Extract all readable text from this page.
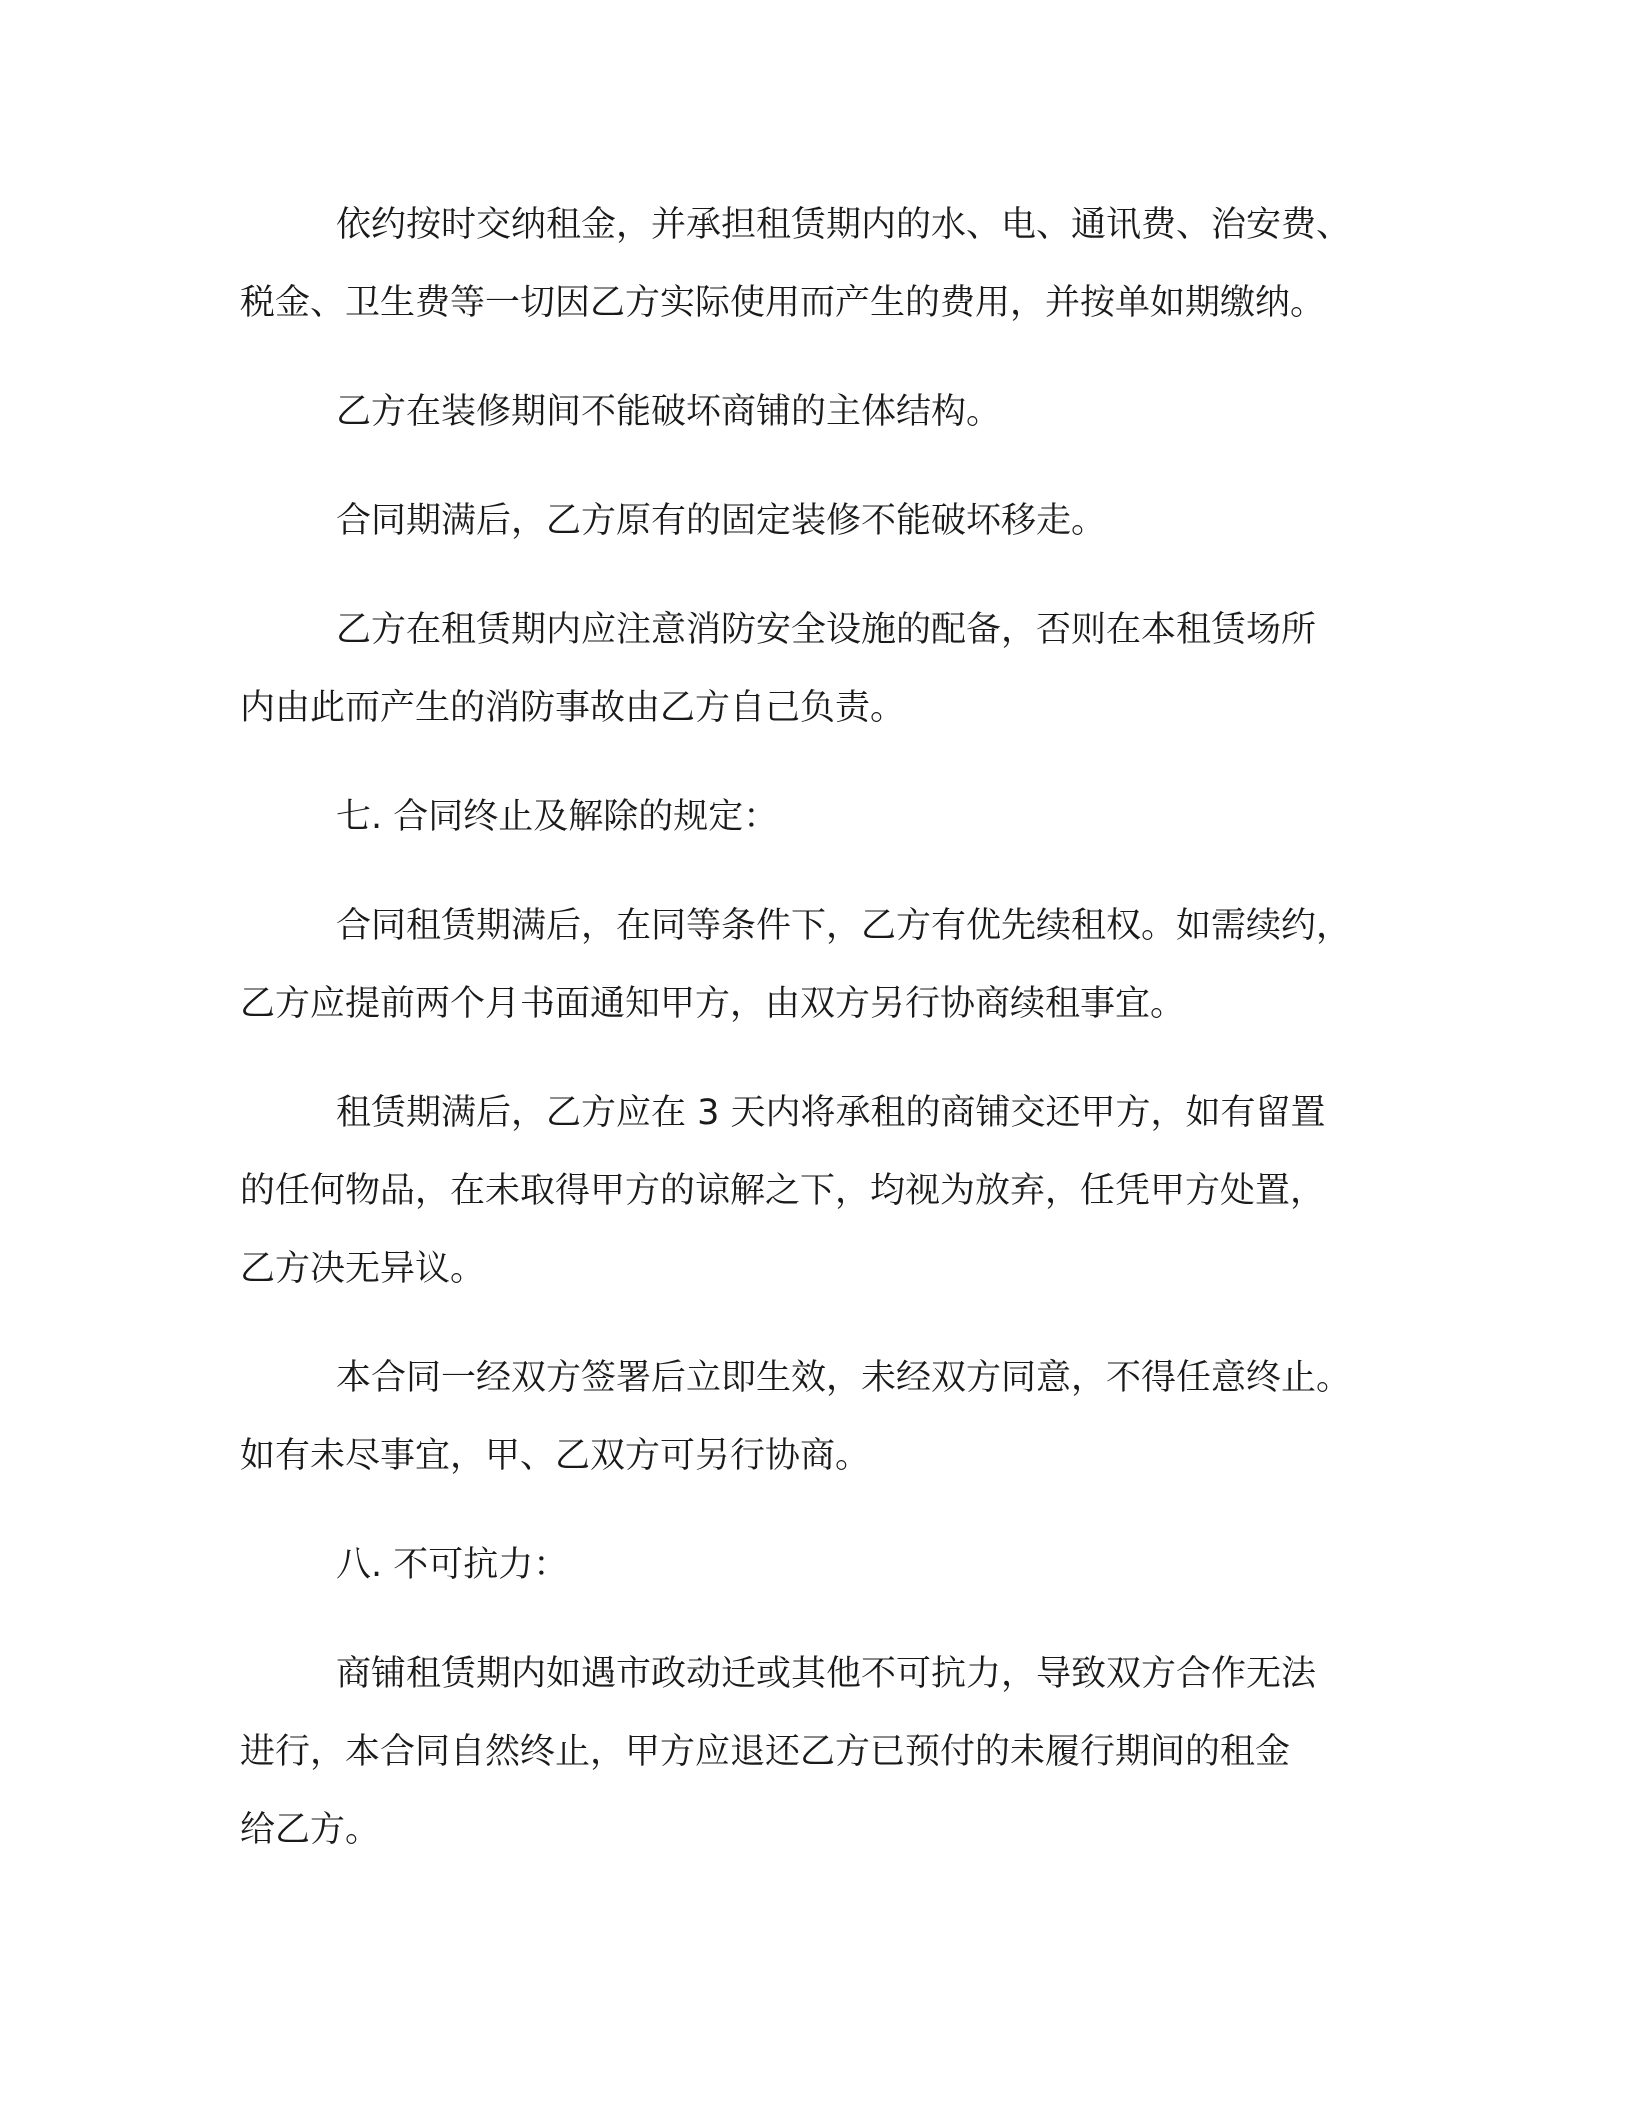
依约按时交纳租金，并承担租赁期内的水、电、通讯费、治安费、
税金、卫生费等一切因乙方实际使用而产生的费用，并按单如期缴纳。
乙方在装修期间不能破坏商铺的主体结构。
合同期满后，乙方原有的固定装修不能破坏移走。
乙方在租赁期内应注意消防安全设施的配备，否则在本租赁场所
内由此而产生的消防事故由乙方自己负责。
七. 合同终止及解除的规定：
合同租赁期满后，在同等条件下，乙方有优先续租权。如需续约，
乙方应提前两个月书面通知甲方，由双方另行协商续租事宜。
租赁期满后，乙方应在 3 天内将承租的商铺交还甲方，如有留置
的任何物品，在未取得甲方的谅解之下，均视为放弃，任凭甲方处置，
乙方决无异议。
本合同一经双方签署后立即生效，未经双方同意，不得任意终止。
如有未尽事宜，甲、乙双方可另行协商。
八. 不可抗力：
商铺租赁期内如遇市政动迁或其他不可抗力，导致双方合作无法
进行，本合同自然终止，甲方应退还乙方已预付的未履行期间的租金
给乙方。
